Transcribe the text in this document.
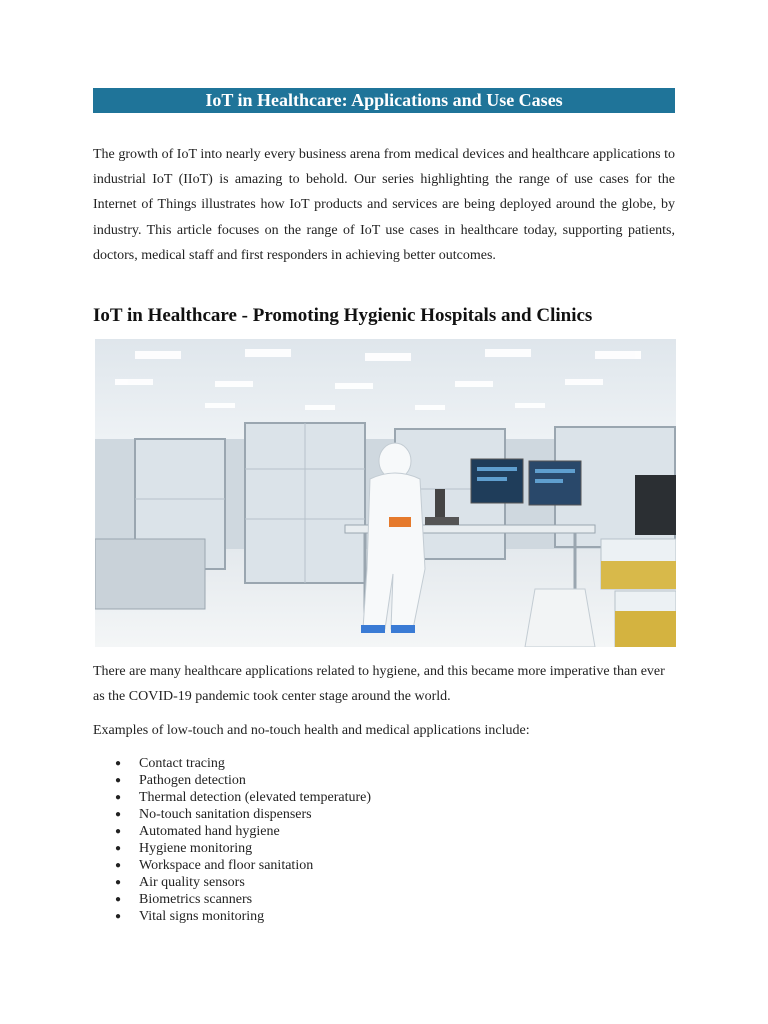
IoT in Healthcare: Applications and Use Cases

The growth of IoT into nearly every business arena from medical devices and healthcare applications to industrial IoT (IIoT) is amazing to behold. Our series highlighting the range of use cases for the Internet of Things illustrates how IoT products and services are being deployed around the globe, by industry. This article focuses on the range of IoT use cases in healthcare today, supporting patients, doctors, medical staff and first responders in achieving better outcomes.

IoT in Healthcare - Promoting Hygienic Hospitals and Clinics

There are many healthcare applications related to hygiene, and this became more imperative than ever as the COVID-19 pandemic took center stage around the world.

Examples of low-touch and no-touch health and medical applications include:

●	Contact tracing
●	Pathogen detection
●	Thermal detection (elevated temperature)
●	No-touch sanitation dispensers
●	Automated hand hygiene
●	Hygiene monitoring
●	Workspace and floor sanitation
●	Air quality sensors
●	Biometrics scanners
●	Vital signs monitoring
